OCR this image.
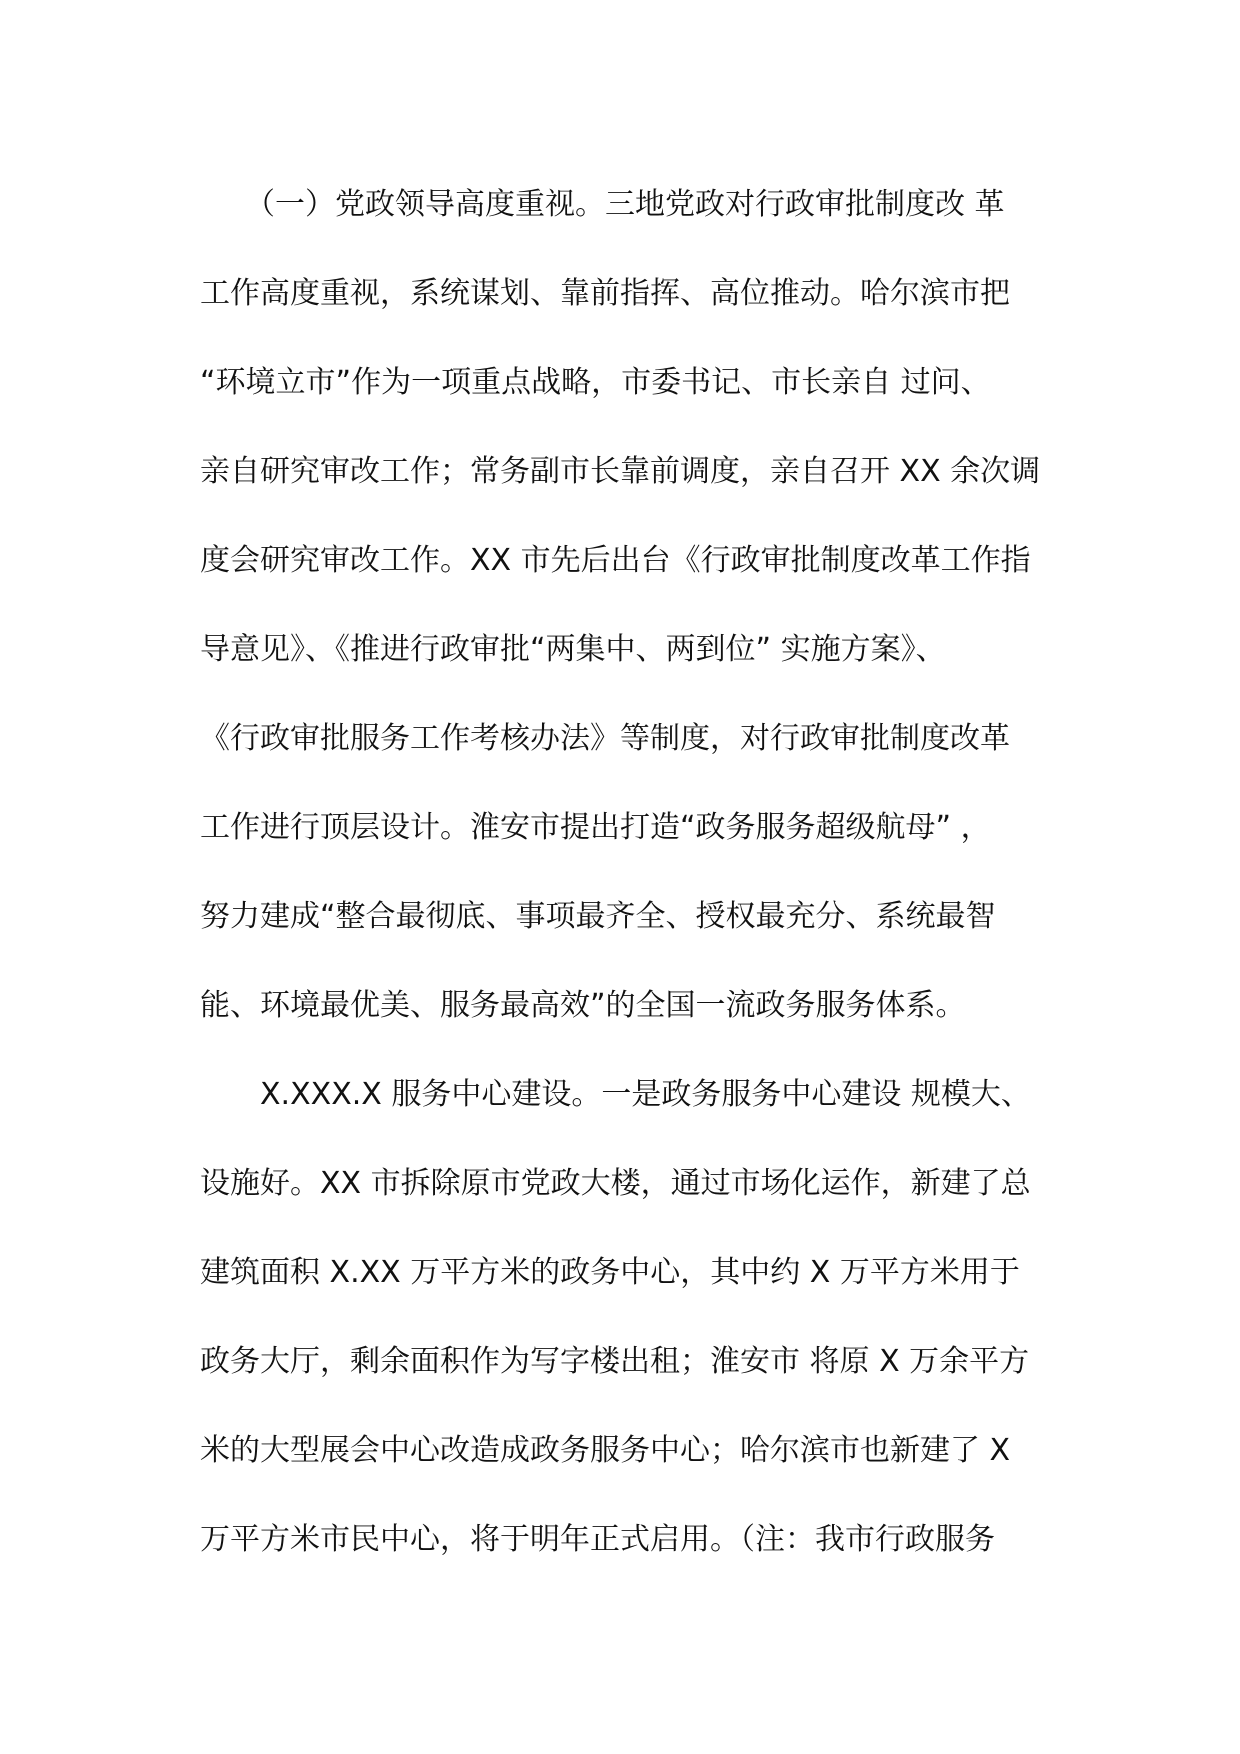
　　（一）党政领导高度重视。三地党政对行政审批制度改 革
工作高度重视，系统谋划、靠前指挥、高位推动。哈尔滨市把
“环境立市”作为一项重点战略，市委书记、市长亲自 过问、
亲自研究审改工作；常务副市长靠前调度，亲自召开 XX 余次调
度会研究审改工作。XX 市先后出台《行政审批制度改革工作指
导意见》、《推进行政审批“两集中、两到位” 实施方案》、
《行政审批服务工作考核办法》等制度，对行政审批制度改革
工作进行顶层设计。淮安市提出打造“政务服务超级航母” ，
努力建成“整合最彻底、事项最齐全、授权最充分、系统最智
能、环境最优美、服务最高效”的全国一流政务服务体系。
　　X.XXX.X 服务中心建设。一是政务服务中心建设 规模大、
设施好。XX 市拆除原市党政大楼，通过市场化运作，新建了总
建筑面积 X.XX 万平方米的政务中心，其中约 X 万平方米用于
政务大厅，剩余面积作为写字楼出租；淮安市 将原 X 万余平方
米的大型展会中心改造成政务服务中心；哈尔滨市也新建了 X
万平方米市民中心，将于明年正式启用。（注：我市行政服务
